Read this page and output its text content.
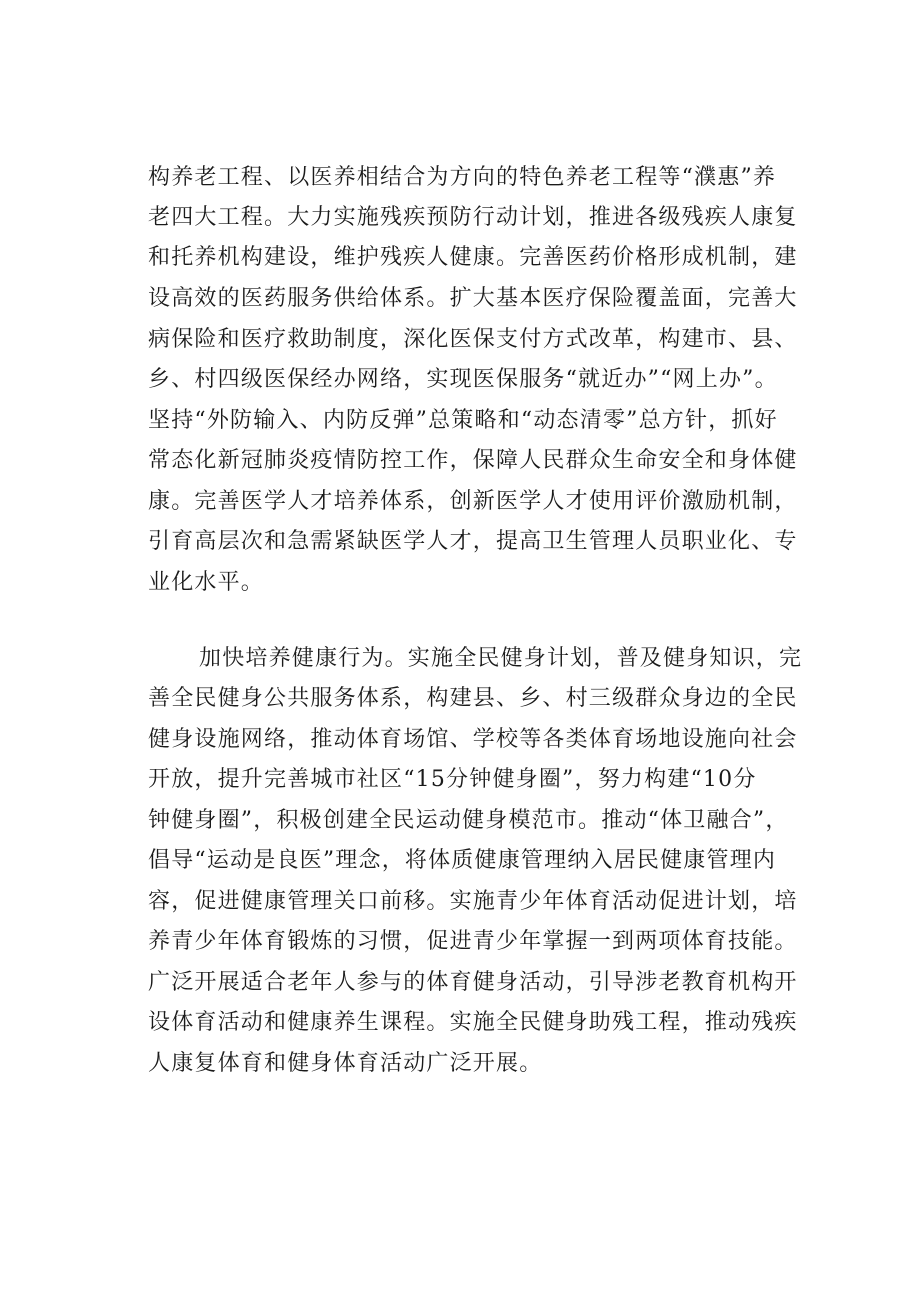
构养老工程、以医养相结合为方向的特色养老工程等“濮惠”养
老四大工程。大力实施残疾预防行动计划，推进各级残疾人康复
和托养机构建设，维护残疾人健康。完善医药价格形成机制，建
设高效的医药服务供给体系。扩大基本医疗保险覆盖面，完善大
病保险和医疗救助制度，深化医保支付方式改革，构建市、县、
乡、村四级医保经办网络，实现医保服务“就近办”“网上办”。
坚持“外防输入、内防反弹”总策略和“动态清零”总方针，抓好
常态化新冠肺炎疫情防控工作，保障人民群众生命安全和身体健
康。完善医学人才培养体系，创新医学人才使用评价激励机制，
引育高层次和急需紧缺医学人才，提高卫生管理人员职业化、专
业化水平。
加快培养健康行为。实施全民健身计划，普及健身知识，完
善全民健身公共服务体系，构建县、乡、村三级群众身边的全民
健身设施网络，推动体育场馆、学校等各类体育场地设施向社会
开放，提升完善城市社区“15分钟健身圈”，努力构建“10分
钟健身圈”，积极创建全民运动健身模范市。推动“体卫融合”，
倡导“运动是良医”理念，将体质健康管理纳入居民健康管理内
容，促进健康管理关口前移。实施青少年体育活动促进计划，培
养青少年体育锻炼的习惯，促进青少年掌握一到两项体育技能。
广泛开展适合老年人参与的体育健身活动，引导涉老教育机构开
设体育活动和健康养生课程。实施全民健身助残工程，推动残疾
人康复体育和健身体育活动广泛开展。
